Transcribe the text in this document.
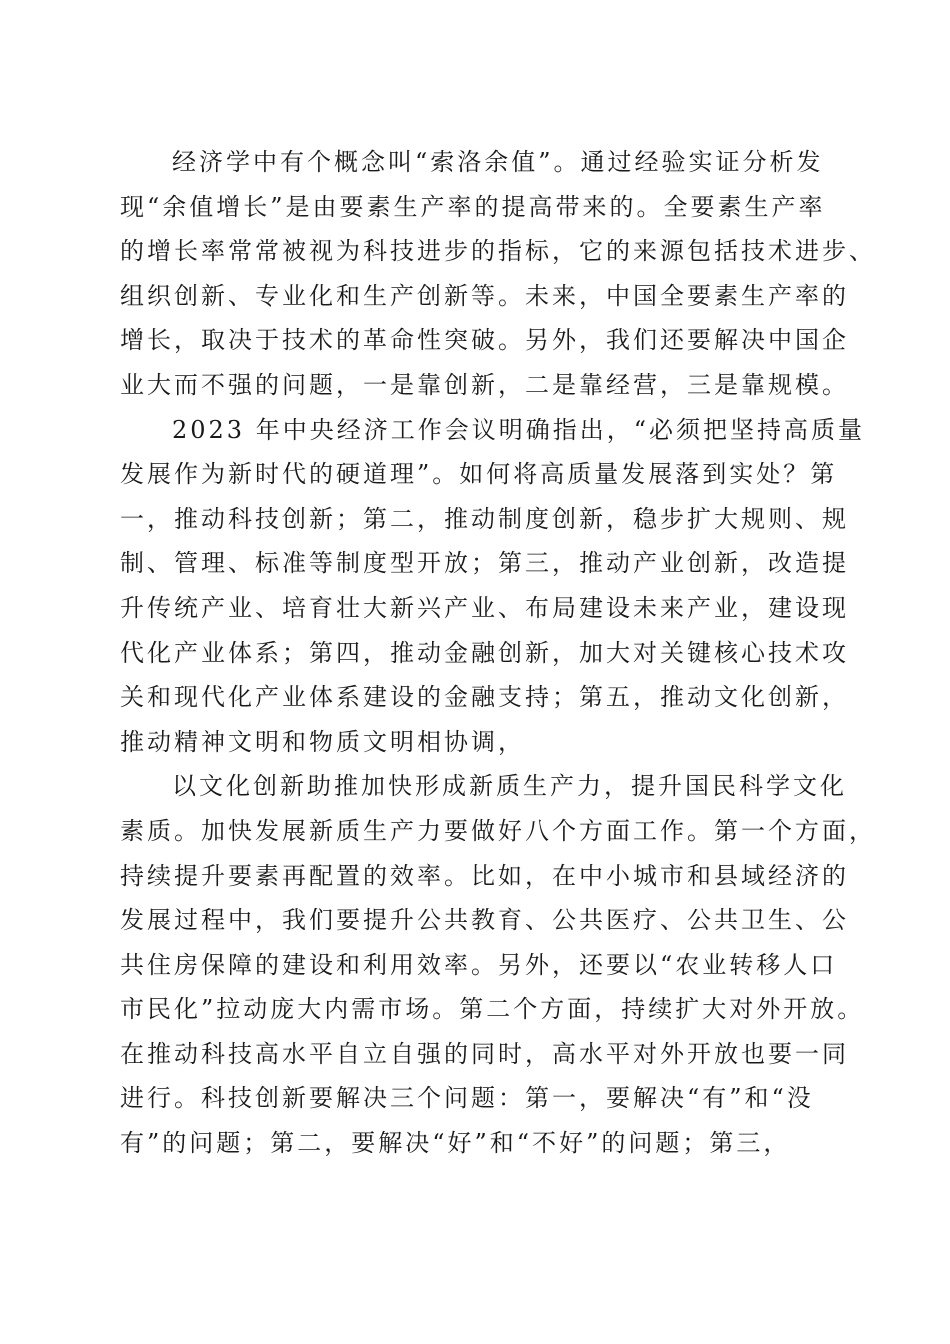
经济学中有个概念叫“索洛余值”。通过经验实证分析发
现“余值增长”是由要素生产率的提高带来的。全要素生产率
的增长率常常被视为科技进步的指标，它的来源包括技术进步、
组织创新、专业化和生产创新等。未来，中国全要素生产率的
增长，取决于技术的革命性突破。另外，我们还要解决中国企
业大而不强的问题，一是靠创新，二是靠经营，三是靠规模。
2023 年中央经济工作会议明确指出，“必须把坚持高质量
发展作为新时代的硬道理”。如何将高质量发展落到实处？第
一，推动科技创新；第二，推动制度创新，稳步扩大规则、规
制、管理、标准等制度型开放；第三，推动产业创新，改造提
升传统产业、培育壮大新兴产业、布局建设未来产业，建设现
代化产业体系；第四，推动金融创新，加大对关键核心技术攻
关和现代化产业体系建设的金融支持；第五，推动文化创新，
推动精神文明和物质文明相协调，
以文化创新助推加快形成新质生产力，提升国民科学文化
素质。加快发展新质生产力要做好八个方面工作。第一个方面，
持续提升要素再配置的效率。比如，在中小城市和县域经济的
发展过程中，我们要提升公共教育、公共医疗、公共卫生、公
共住房保障的建设和利用效率。另外，还要以“农业转移人口
市民化”拉动庞大内需市场。第二个方面，持续扩大对外开放。
在推动科技高水平自立自强的同时，高水平对外开放也要一同
进行。科技创新要解决三个问题：第一，要解决“有”和“没
有”的问题；第二，要解决“好”和“不好”的问题；第三，
